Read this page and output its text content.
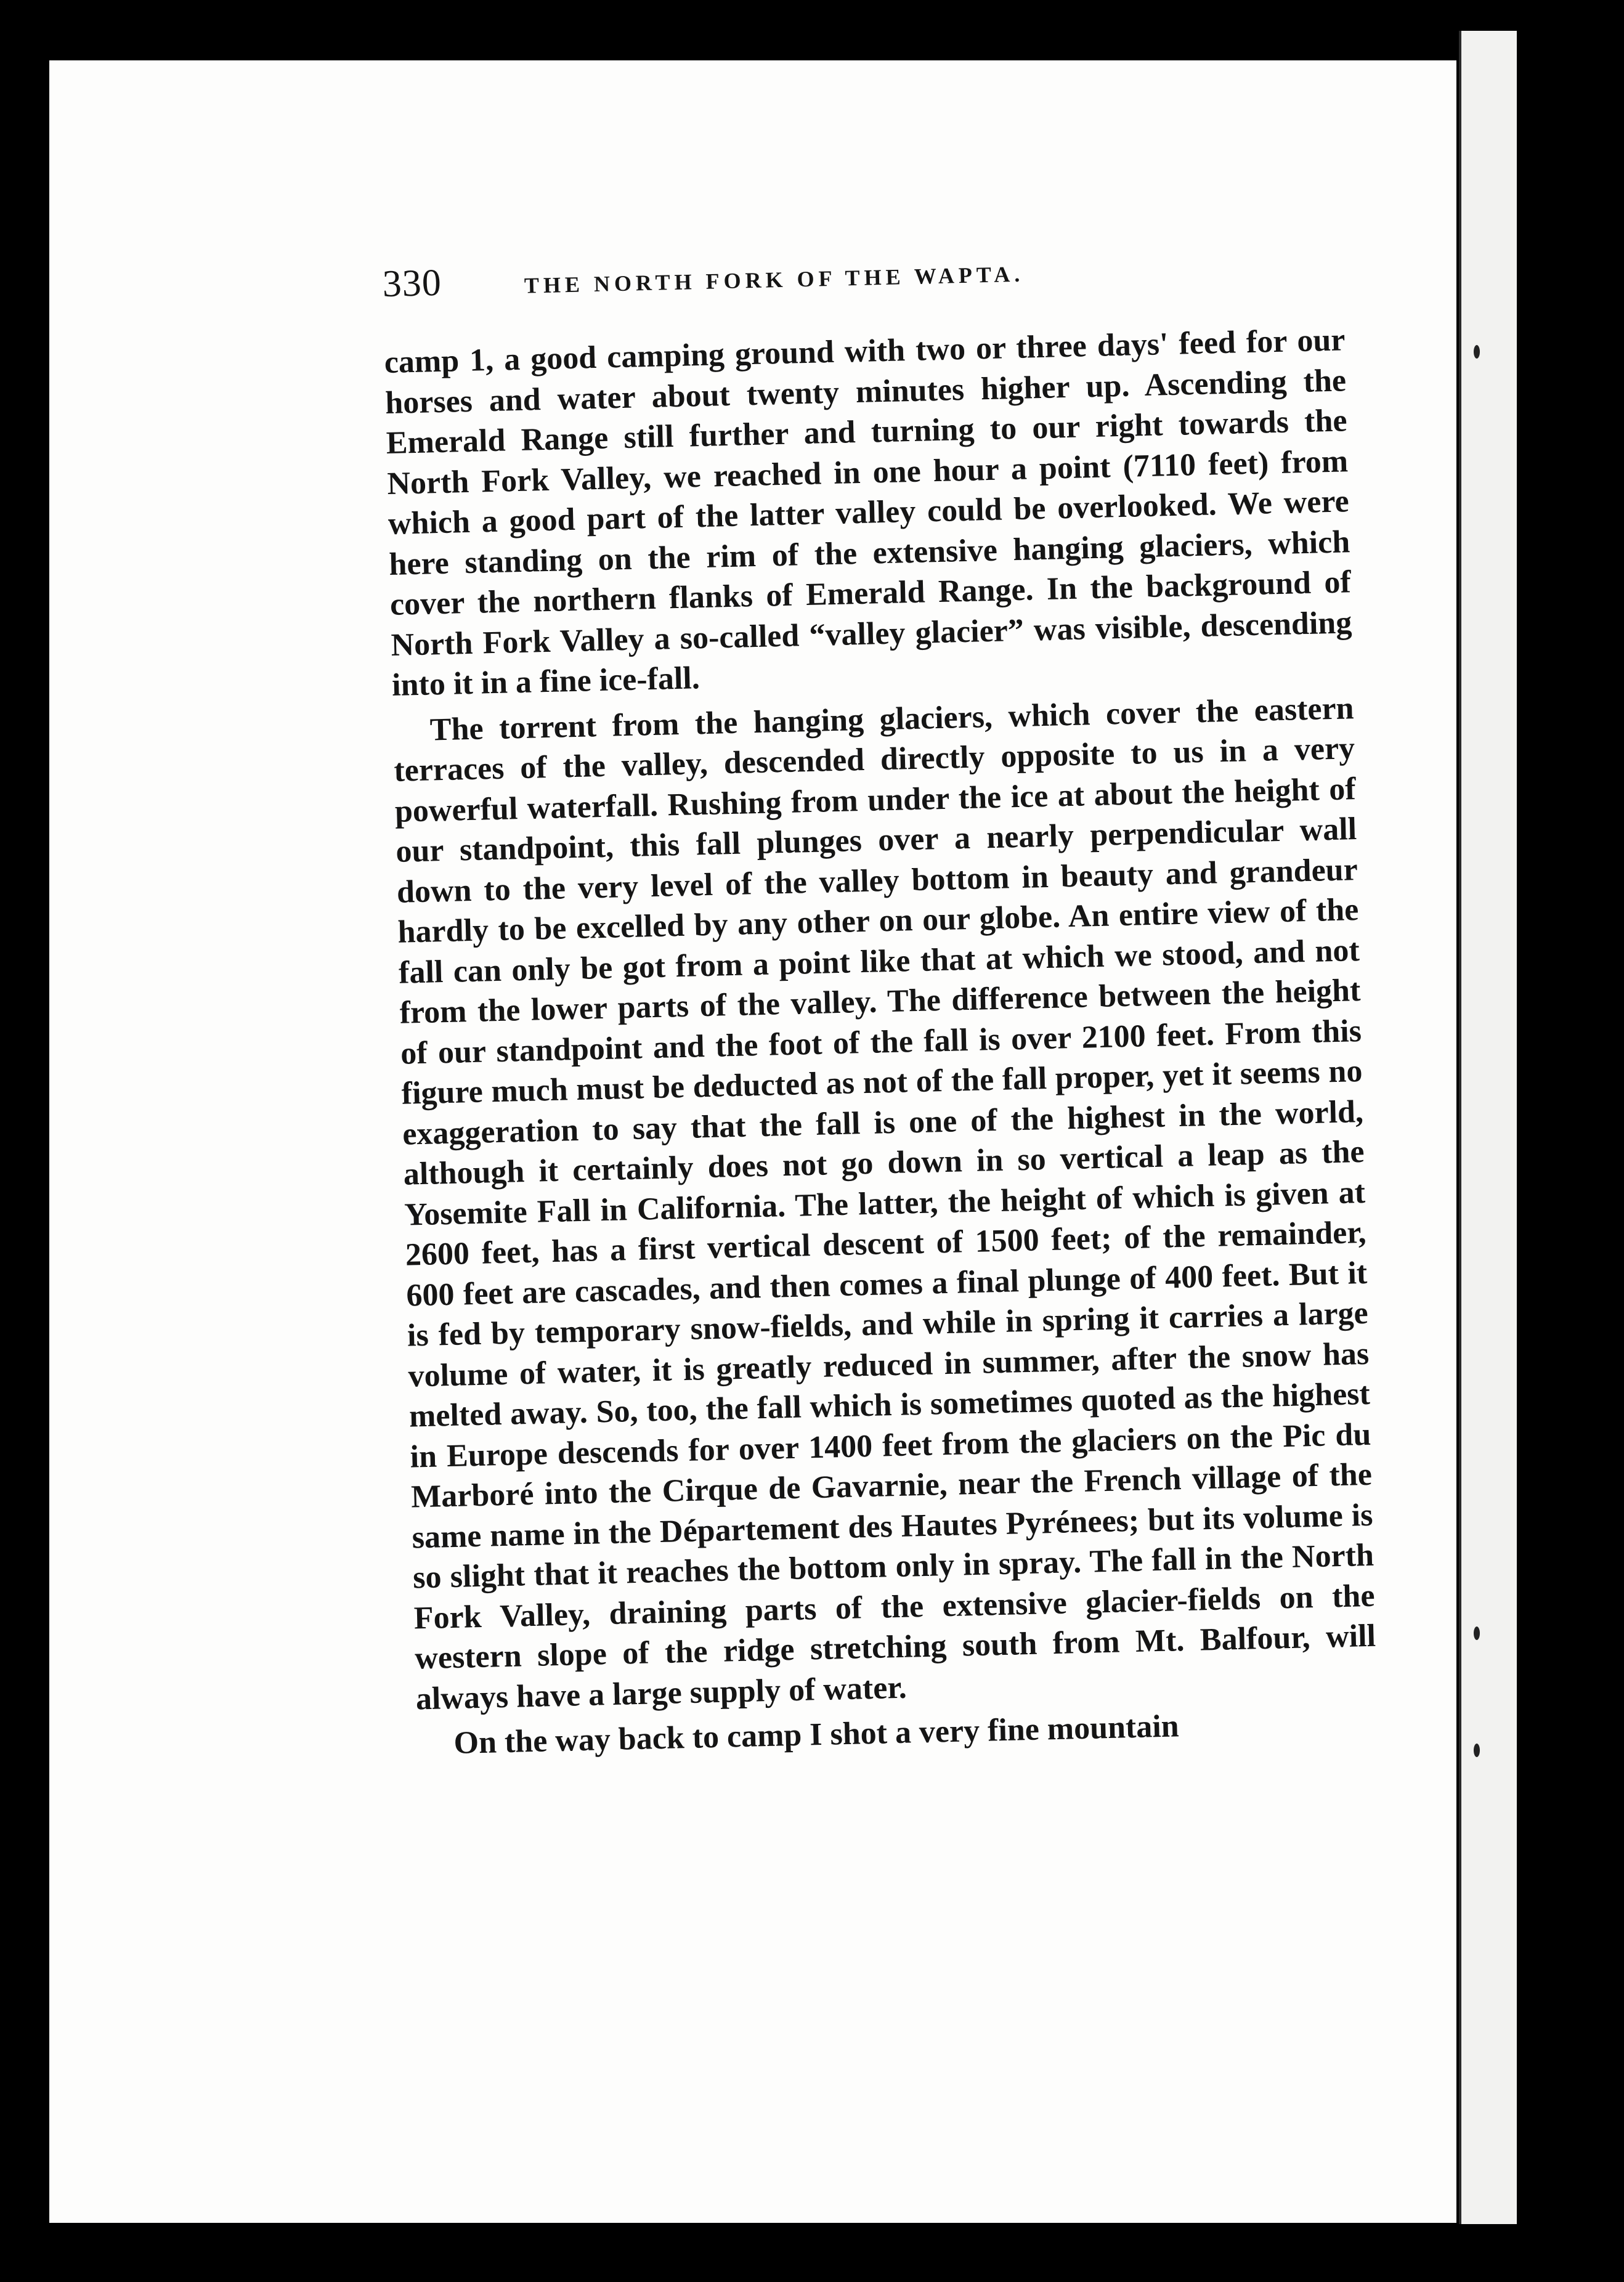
330	THE NORTH FORK OF THE WAPTA.

camp 1, a good camping ground with two or three days' feed for our horses and water about twenty minutes higher up. Ascending the Emerald Range still further and turning to our right towards the North Fork Valley, we reached in one hour a point (7110 feet) from which a good part of the latter valley could be overlooked. We were here standing on the rim of the extensive hanging glaciers, which cover the northern flanks of Emerald Range. In the background of North Fork Valley a so-called “valley glacier” was visible, descending into it in a fine ice-fall.

The torrent from the hanging glaciers, which cover the eastern terraces of the valley, descended directly opposite to us in a very powerful waterfall. Rushing from under the ice at about the height of our standpoint, this fall plunges over a nearly perpendicular wall down to the very level of the valley bottom in beauty and grandeur hardly to be excelled by any other on our globe. An entire view of the fall can only be got from a point like that at which we stood, and not from the lower parts of the valley. The difference between the height of our standpoint and the foot of the fall is over 2100 feet. From this figure much must be deducted as not of the fall proper, yet it seems no exaggeration to say that the fall is one of the highest in the world, although it certainly does not go down in so vertical a leap as the Yosemite Fall in California. The latter, the height of which is given at 2600 feet, has a first vertical descent of 1500 feet; of the remainder, 600 feet are cascades, and then comes a final plunge of 400 feet. But it is fed by temporary snow-fields, and while in spring it carries a large volume of water, it is greatly reduced in summer, after the snow has melted away. So, too, the fall which is sometimes quoted as the highest in Europe descends for over 1400 feet from the glaciers on the Pic du Marboré into the Cirque de Gavarnie, near the French village of the same name in the Département des Hautes Pyrénees; but its volume is so slight that it reaches the bottom only in spray. The fall in the North Fork Valley, draining parts of the extensive glacier-fields on the western slope of the ridge stretching south from Mt. Balfour, will always have a large supply of water.

On the way back to camp I shot a very fine mountain
